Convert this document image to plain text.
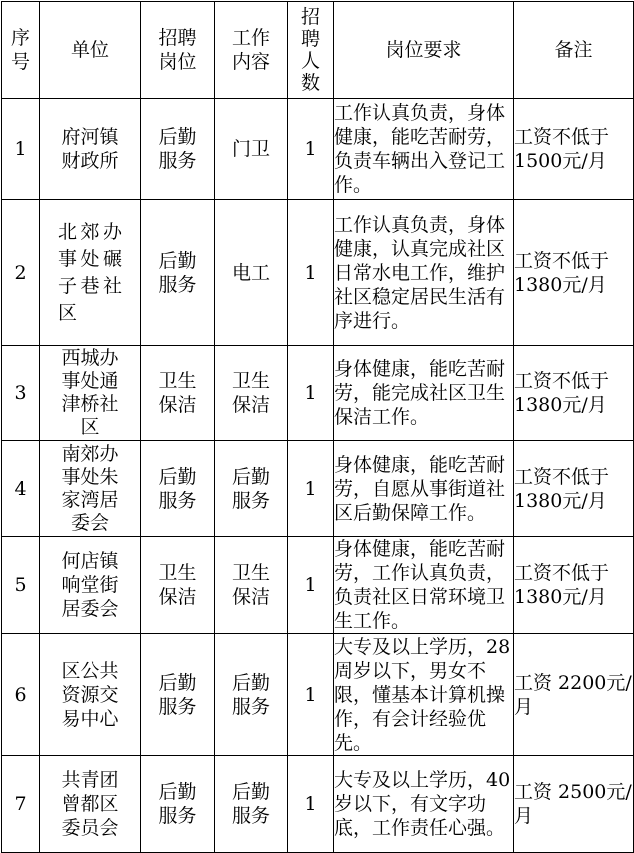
序号	单位	招聘岗位	工作内容	招聘人数	岗位要求	备注
1	府河镇财政所	后勤服务	门卫	1	工作认真负责，身体健康，能吃苦耐劳，负责车辆出入登记工作。	工资不低于1500元/月
2	北郊办事处碾子巷社区	后勤服务	电工	1	工作认真负责，身体健康，认真完成社区日常水电工作，维护社区稳定居民生活有序进行。	工资不低于1380元/月
3	西城办事处通津桥社区	卫生保洁	卫生保洁	1	身体健康，能吃苦耐劳，能完成社区卫生保洁工作。	工资不低于1380元/月
4	南郊办事处朱家湾居委会	后勤服务	后勤服务	1	身体健康，能吃苦耐劳，自愿从事街道社区后勤保障工作。	工资不低于1380元/月
5	何店镇响堂街居委会	卫生保洁	卫生保洁	1	身体健康，能吃苦耐劳，工作认真负责，负责社区日常环境卫生工作。	工资不低于1380元/月
6	区公共资源交易中心	后勤服务	后勤服务	1	大专及以上学历，28周岁以下，男女不限，懂基本计算机操作，有会计经验优先。	工资 2200元/月
7	共青团曾都区委员会	后勤服务	后勤服务	1	大专及以上学历，40岁以下，有文字功底，工作责任心强。	工资 2500元/月
